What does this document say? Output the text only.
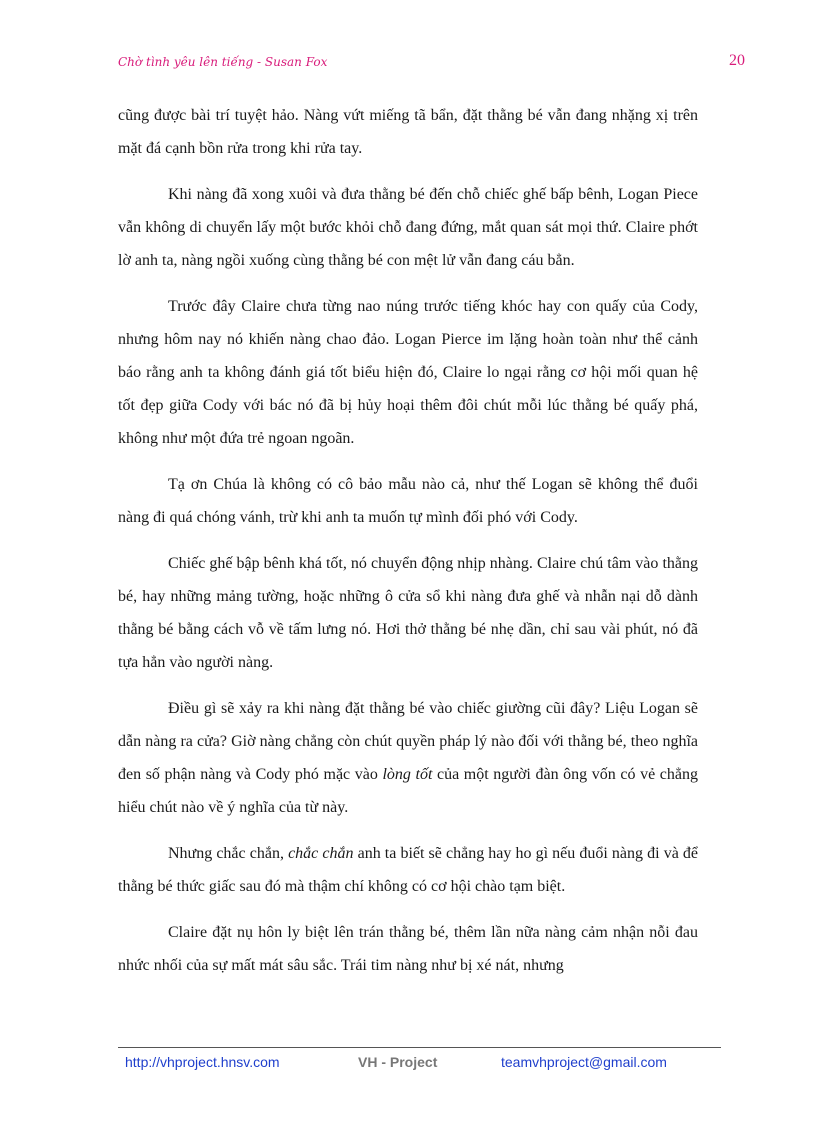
Chờ tình yêu lên tiếng - Susan Fox	20

cũng được bài trí tuyệt hảo. Nàng vứt miếng tã bẩn, đặt thằng bé vẫn đang nhặng xị trên mặt đá cạnh bồn rửa trong khi rửa tay.

Khi nàng đã xong xuôi và đưa thằng bé đến chỗ chiếc ghế bấp bênh, Logan Piece vẫn không di chuyển lấy một bước khỏi chỗ đang đứng, mắt quan sát mọi thứ. Claire phớt lờ anh ta, nàng ngồi xuống cùng thằng bé con mệt lử vẫn đang cáu bẳn.

Trước đây Claire chưa từng nao núng trước tiếng khóc hay con quấy của Cody, nhưng hôm nay nó khiến nàng chao đảo. Logan Pierce im lặng hoàn toàn như thể cảnh báo rằng anh ta không đánh giá tốt biểu hiện đó, Claire lo ngại rằng cơ hội mối quan hệ tốt đẹp giữa Cody với bác nó đã bị hủy hoại thêm đôi chút mỗi lúc thằng bé quấy phá, không như một đứa trẻ ngoan ngoãn.

Tạ ơn Chúa là không có cô bảo mẫu nào cả, như thế Logan sẽ không thể đuổi nàng đi quá chóng vánh, trừ khi anh ta muốn tự mình đối phó với Cody.

Chiếc ghế bập bênh khá tốt, nó chuyển động nhịp nhàng. Claire chú tâm vào thằng bé, hay những mảng tường, hoặc những ô cửa sổ khi nàng đưa ghế và nhẫn nại dỗ dành thằng bé bằng cách vỗ về tấm lưng nó. Hơi thở thằng bé nhẹ dần, chỉ sau vài phút, nó đã tựa hẳn vào người nàng.

Điều gì sẽ xảy ra khi nàng đặt thằng bé vào chiếc giường cũi đây? Liệu Logan sẽ dẫn nàng ra cửa? Giờ nàng chẳng còn chút quyền pháp lý nào đối với thằng bé, theo nghĩa đen số phận nàng và Cody phó mặc vào lòng tốt của một người đàn ông vốn có vẻ chẳng hiểu chút nào về ý nghĩa của từ này.

Nhưng chắc chắn, chắc chắn anh ta biết sẽ chẳng hay ho gì nếu đuổi nàng đi và để thằng bé thức giấc sau đó mà thậm chí không có cơ hội chào tạm biệt.

Claire đặt nụ hôn ly biệt lên trán thằng bé, thêm lần nữa nàng cảm nhận nỗi đau nhức nhối của sự mất mát sâu sắc. Trái tim nàng như bị xé nát, nhưng

http://vhproject.hnsv.com	VH - Project	teamvhproject@gmail.com
